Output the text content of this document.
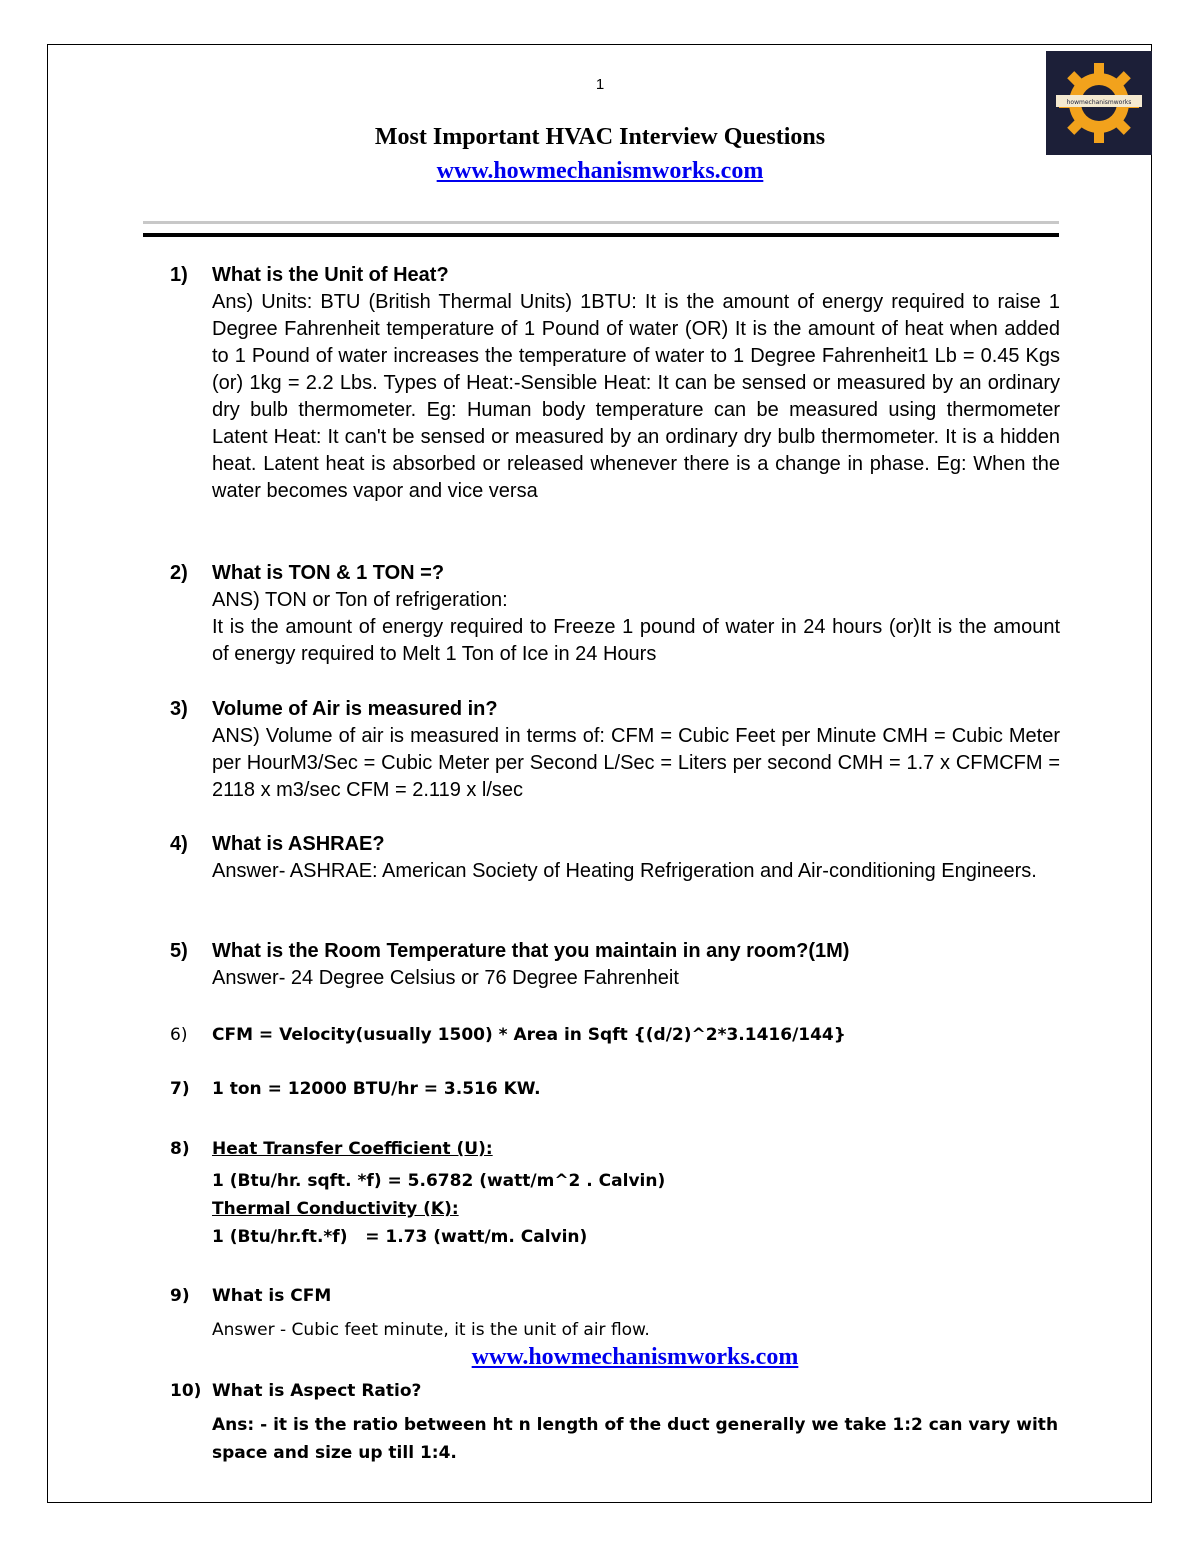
1
howmechanismworks
Most Important HVAC Interview Questions
www.howmechanismworks.com
1) What is the Unit of Heat?
Ans) Units: BTU (British Thermal Units) 1BTU: It is the amount of energy required to raise 1 Degree Fahrenheit temperature of 1 Pound of water (OR) It is the amount of heat when added to 1 Pound of water increases the temperature of water to 1 Degree Fahrenheit1 Lb = 0.45 Kgs (or) 1kg = 2.2 Lbs. Types of Heat:-Sensible Heat: It can be sensed or measured by an ordinary dry bulb thermometer. Eg: Human body temperature can be measured using thermometer Latent Heat: It can't be sensed or measured by an ordinary dry bulb thermometer. It is a hidden heat. Latent heat is absorbed or released whenever there is a change in phase. Eg: When the water becomes vapor and vice versa
2) What is TON & 1 TON =?
ANS) TON or Ton of refrigeration:
It is the amount of energy required to Freeze 1 pound of water in 24 hours (or)It is the amount of energy required to Melt 1 Ton of Ice in 24 Hours
3) Volume of Air is measured in?
ANS) Volume of air is measured in terms of: CFM = Cubic Feet per Minute CMH = Cubic Meter per HourM3/Sec = Cubic Meter per Second L/Sec = Liters per second CMH = 1.7 x CFMCFM = 2118 x m3/sec CFM = 2.119 x l/sec
4) What is ASHRAE?
Answer- ASHRAE: American Society of Heating Refrigeration and Air-conditioning Engineers.
5) What is the Room Temperature that you maintain in any room?(1M)
Answer- 24 Degree Celsius or 76 Degree Fahrenheit
6) CFM = Velocity(usually 1500) * Area in Sqft {(d/2)^2*3.1416/144}
7) 1 ton = 12000 BTU/hr = 3.516 KW.
8) Heat Transfer Coefficient (U):
1 (Btu/hr. sqft. *f) = 5.6782 (watt/m^2 . Calvin)
Thermal Conductivity (K):
1 (Btu/hr.ft.*f)   = 1.73 (watt/m. Calvin)
9) What is CFM
Answer - Cubic feet minute, it is the unit of air flow.
www.howmechanismworks.com
10) What is Aspect Ratio?
Ans: - it is the ratio between ht n length of the duct generally we take 1:2 can vary with space and size up till 1:4.
